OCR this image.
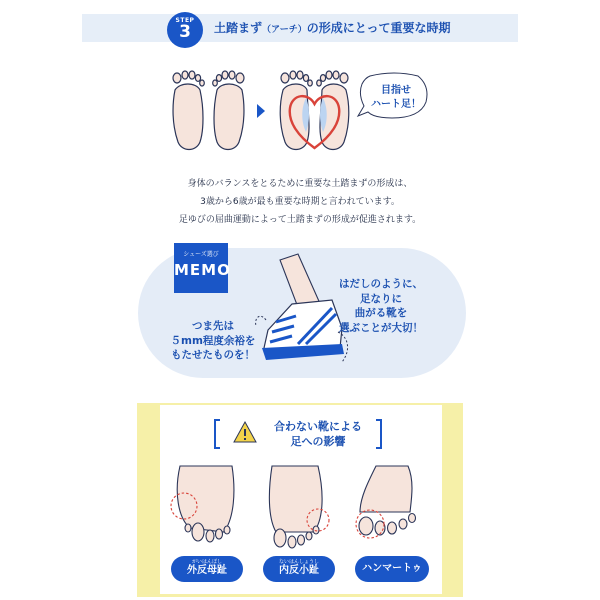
STEP
3	土踏まず（アーチ）の形成にとって重要な時期
目指せ
ハート足！
身体のバランスをとるために重要な土踏まずの形成は、
3歳から6歳が最も重要な時期と言われています。
足ゆびの屈曲運動によって土踏まずの形成が促進されます。
シューズ選び
MEMO
はだしのように、
足なりに
曲がる靴を
選ぶことが大切！
つま先は
５mm程度余裕を
もたせたものを！
合わない靴による
足への影響
がいはんぼし
外反母趾
ないはんしょうし
内反小趾	ハンマートゥ
